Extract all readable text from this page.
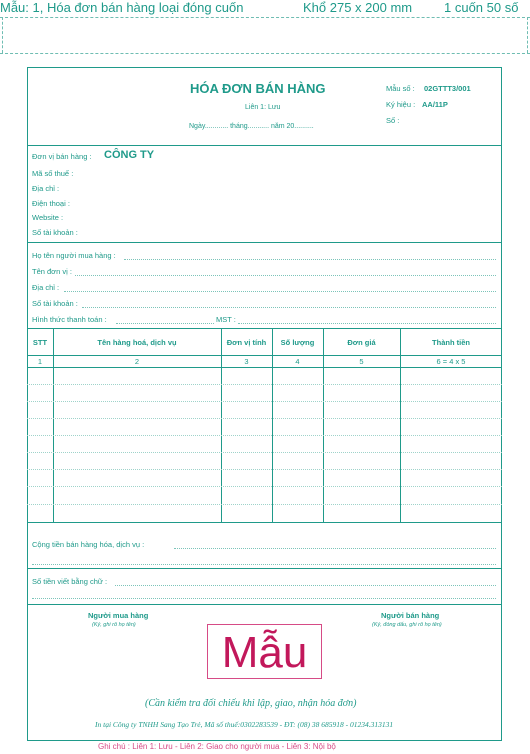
Mẫu: 1, Hóa đơn bán hàng loại đóng cuốn	Khổ 275 x 200 mm 1 cuốn 50 số
HÓA ĐƠN BÁN HÀNG
Liên 1: Lưu
Ngày............ tháng........... năm 20..........
Mẫu số : 02GTTT3/001
Ký hiệu : AA/11P
Số :
Đơn vị bán hàng : CÔNG TY
Mã số thuế :
Địa chỉ :
Điện thoại :
Website :
Số tài khoản :
Họ tên người mua hàng :
Tên đơn vị :
Địa chỉ :
Số tài khoản :
Hình thức thanh toán :	MST :
STT	Tên hàng hoá, dịch vụ	Đơn vị tính	Số lượng	Đơn giá	Thành tiền
1	2	3	4	5	6 = 4 x 5
Cộng tiền bán hàng hóa, dịch vụ :
Số tiền viết bằng chữ :
Người mua hàng
(Ký, ghi rõ họ tên)
Người bán hàng
(Ký, đóng dấu, ghi rõ họ tên)
Mẫu
(Cần kiểm tra đối chiếu khi lập, giao, nhận hóa đơn)
In tại Công ty TNHH Sang Tạo Trẻ, Mã số thuế:0302283539 - ĐT: (08) 38 685918 - 01234.313131
Ghi chú : Liên 1: Lưu - Liên 2: Giao cho người mua - Liên 3: Nội bộ
